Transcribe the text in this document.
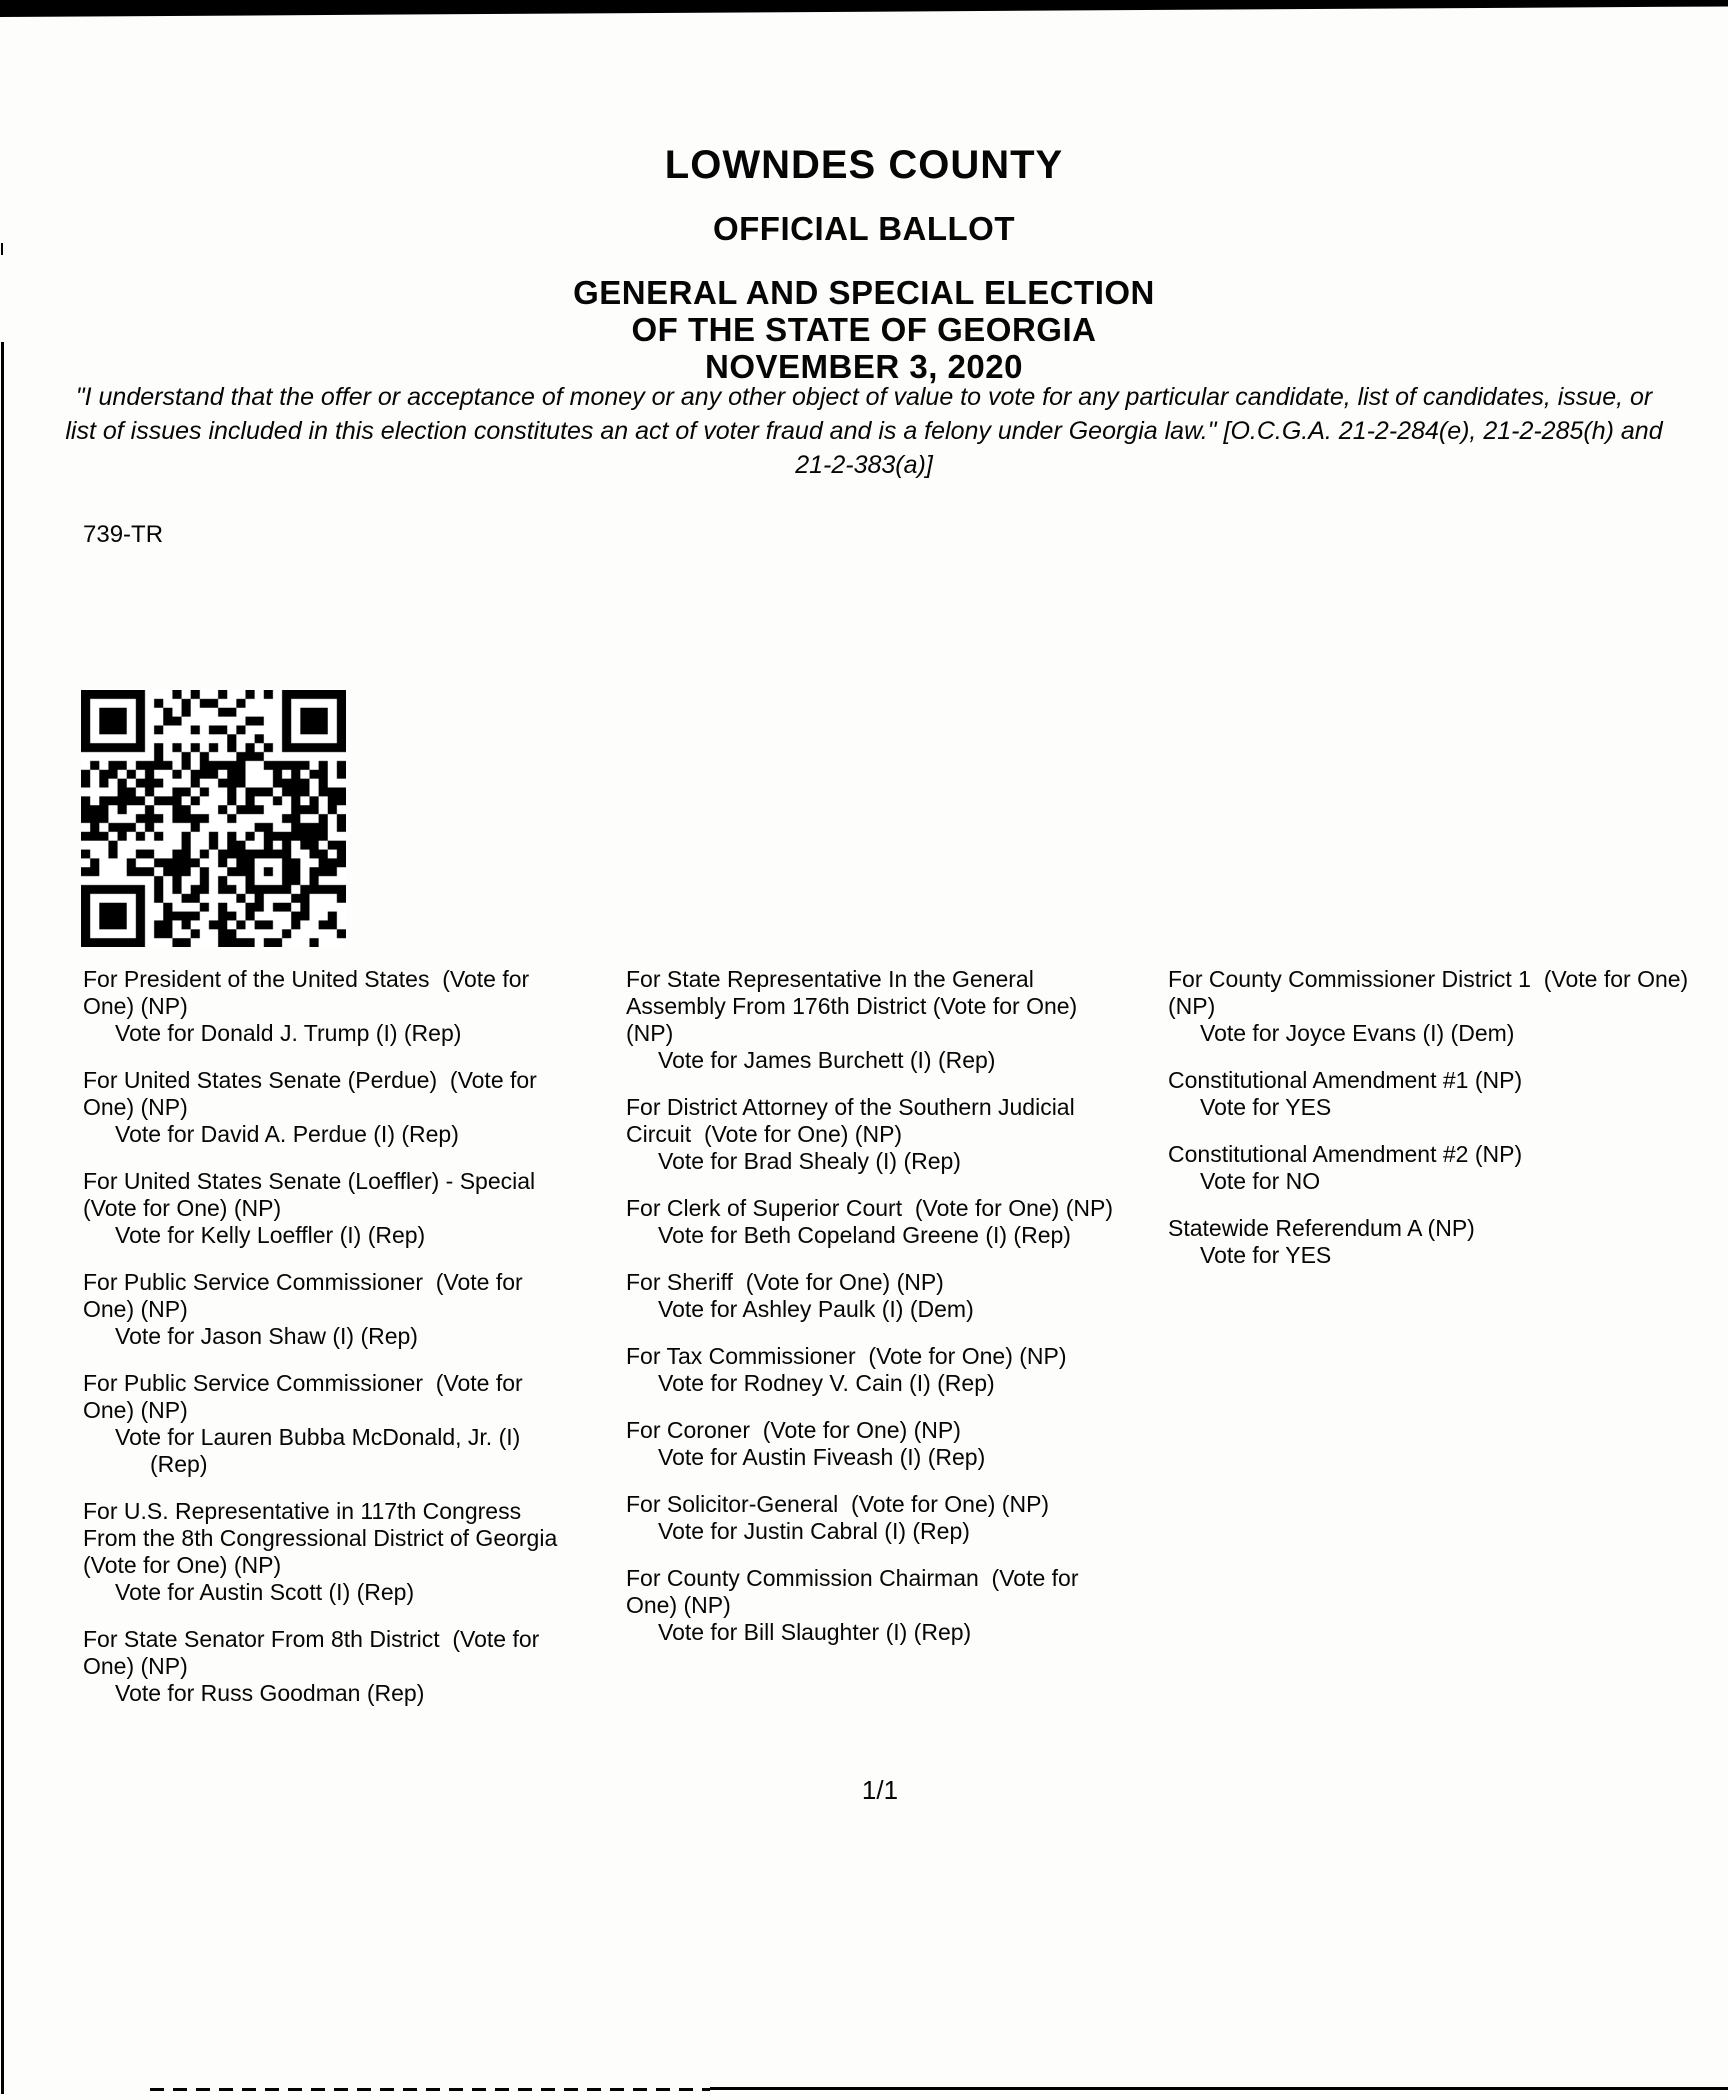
LOWNDES COUNTY
OFFICIAL BALLOT
GENERAL AND SPECIAL ELECTION
OF THE STATE OF GEORGIA
NOVEMBER 3, 2020
"I understand that the offer or acceptance of money or any other object of value to vote for any particular candidate, list of candidates, issue, or list of issues included in this election constitutes an act of voter fraud and is a felony under Georgia law." [O.C.G.A. 21-2-284(e), 21-2-285(h) and 21-2-383(a)]
739-TR
For President of the United States  (Vote for One) (NP)
Vote for Donald J. Trump (I) (Rep)
For United States Senate (Perdue)  (Vote for One) (NP)
Vote for David A. Perdue (I) (Rep)
For United States Senate (Loeffler) - Special  (Vote for One) (NP)
Vote for Kelly Loeffler (I) (Rep)
For Public Service Commissioner  (Vote for One) (NP)
Vote for Jason Shaw (I) (Rep)
For Public Service Commissioner  (Vote for One) (NP)
Vote for Lauren Bubba McDonald, Jr. (I) (Rep)
For U.S. Representative in 117th Congress From the 8th Congressional District of Georgia (Vote for One) (NP)
Vote for Austin Scott (I) (Rep)
For State Senator From 8th District  (Vote for One) (NP)
Vote for Russ Goodman (Rep)
For State Representative In the General Assembly From 176th District (Vote for One) (NP)
Vote for James Burchett (I) (Rep)
For District Attorney of the Southern Judicial Circuit  (Vote for One) (NP)
Vote for Brad Shealy (I) (Rep)
For Clerk of Superior Court  (Vote for One) (NP)
Vote for Beth Copeland Greene (I) (Rep)
For Sheriff  (Vote for One) (NP)
Vote for Ashley Paulk (I) (Dem)
For Tax Commissioner  (Vote for One) (NP)
Vote for Rodney V. Cain (I) (Rep)
For Coroner  (Vote for One) (NP)
Vote for Austin Fiveash (I) (Rep)
For Solicitor-General  (Vote for One) (NP)
Vote for Justin Cabral (I) (Rep)
For County Commission Chairman  (Vote for One) (NP)
Vote for Bill Slaughter (I) (Rep)
For County Commissioner District 1  (Vote for One) (NP)
Vote for Joyce Evans (I) (Dem)
Constitutional Amendment #1 (NP)
Vote for YES
Constitutional Amendment #2 (NP)
Vote for NO
Statewide Referendum A (NP)
Vote for YES
1/1
